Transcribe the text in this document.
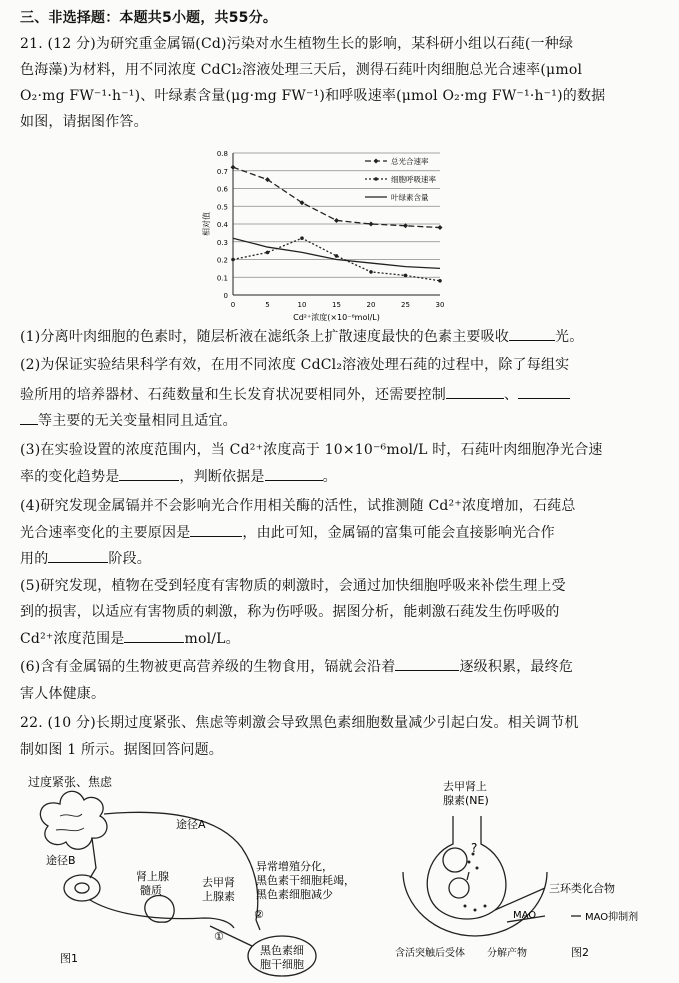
三、非选择题：本题共5小题，共55分。
21. (12 分)为研究重金属镉(Cd)污染对水生植物生长的影响，某科研小组以石莼(一种绿
色海藻)为材料，用不同浓度 CdCl₂溶液处理三天后，测得石莼叶肉细胞总光合速率(μmol
O₂·mg FW⁻¹·h⁻¹)、叶绿素含量(μg·mg FW⁻¹)和呼吸速率(μmol O₂·mg FW⁻¹·h⁻¹)的数据
如图，请据图作答。
0
0.1
0.2
0.3
0.4
0.5
0.6
0.7
0.8
0	5	10	15	20	25	30
Cd²⁺浓度(×10⁻⁶mol/L)
相对值
总光合速率
细胞呼吸速率
叶绿素含量
(1)分离叶肉细胞的色素时，随层析液在滤纸条上扩散速度最快的色素主要吸收	光。
(2)为保证实验结果科学有效，在用不同浓度 CdCl₂溶液处理石莼的过程中，除了每组实
验所用的培养器材、石莼数量和生长发育状况要相同外，还需要控制	、
等主要的无关变量相同且适宜。
(3)在实验设置的浓度范围内，当 Cd²⁺浓度高于 10×10⁻⁶mol/L 时，石莼叶肉细胞净光合速
率的变化趋势是	，判断依据是	。
(4)研究发现金属镉并不会影响光合作用相关酶的活性，试推测随 Cd²⁺浓度增加，石莼总
光合速率变化的主要原因是	，由此可知，金属镉的富集可能会直接影响光合作
用的	阶段。
(5)研究发现，植物在受到轻度有害物质的刺激时，会通过加快细胞呼吸来补偿生理上受
到的损害，以适应有害物质的刺激，称为伤呼吸。据图分析，能刺激石莼发生伤呼吸的
Cd²⁺浓度范围是	mol/L。
(6)含有金属镉的生物被更高营养级的生物食用，镉就会沿着	逐级积累，最终危
害人体健康。
22. (10 分)长期过度紧张、焦虑等刺激会导致黑色素细胞数量减少引起白发。相关调节机
制如图 1 所示。据图回答问题。
过度紧张、焦虑
途径A
途径B
肾上腺
髓质
去甲肾
上腺素
异常增殖分化，
黑色素干细胞耗竭，
黑色素细胞减少
①
②
黑色素细
胞干细胞
图1
去甲肾上
腺素(NE)
?
三环类化合物
MAO	MAO抑制剂
含活突触后受体 分解产物	图2
